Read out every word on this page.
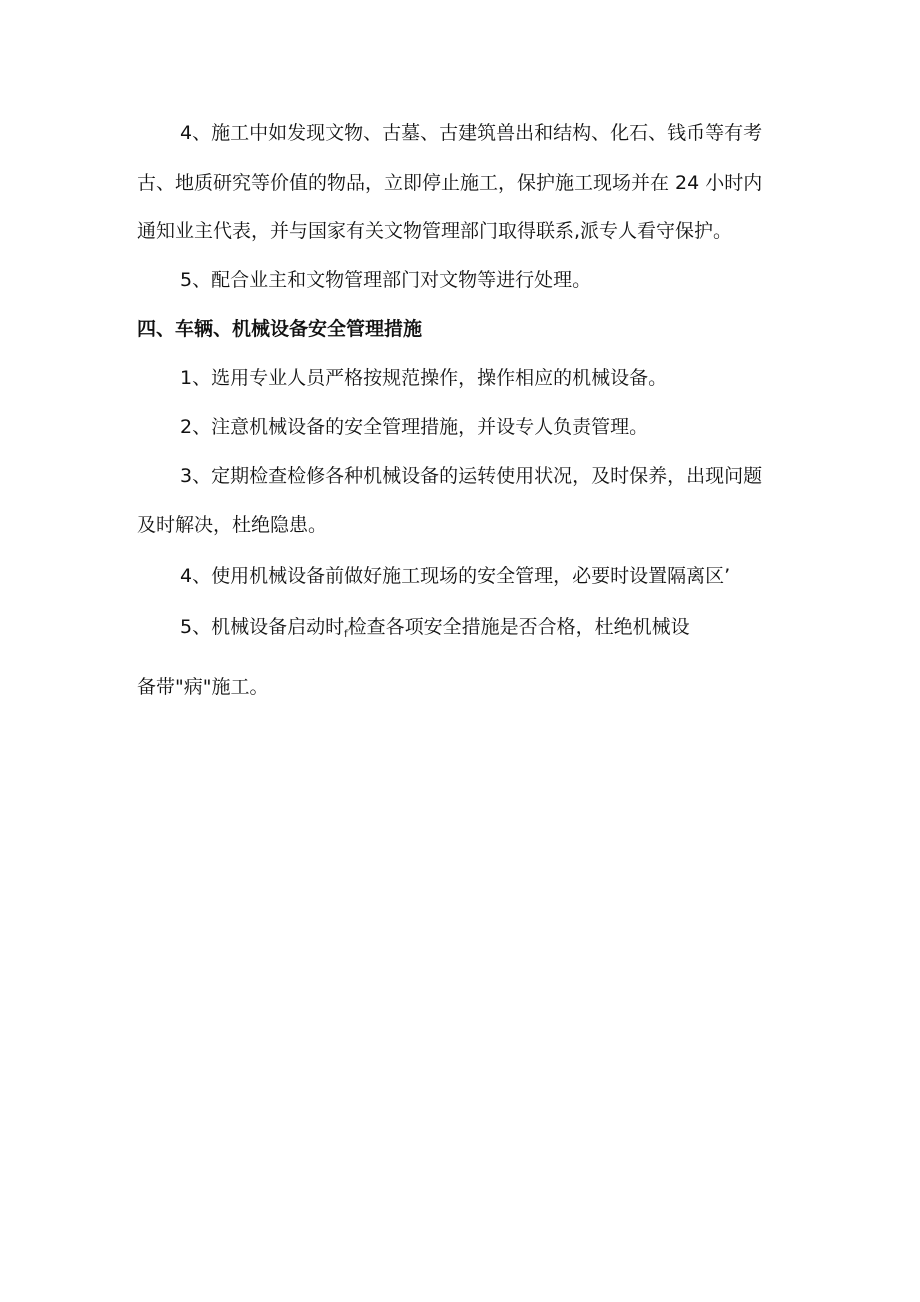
4、施工中如发现文物、古墓、古建筑兽出和结构、化石、钱币等有考
古、地质研究等价值的物品，立即停止施工，保护施工现场并在 24 小时内
通知业主代表，并与国家有关文物管理部门取得联系,派专人看守保护。
5、配合业主和文物管理部门对文物等进行处理。
四、车辆、机械设备安全管理措施
1、选用专业人员严格按规范操作，操作相应的机械设备。
2、注意机械设备的安全管理措施，并设专人负责管理。
3、定期检查检修各种机械设备的运转使用状况，及时保养，出现问题
及时解决，杜绝隐患。
4、使用机械设备前做好施工现场的安全管理，必要时设置隔离区’
5、机械设备启动时$_f$检查各项安全措施是否合格，杜绝机械设
备带"病"施工。
